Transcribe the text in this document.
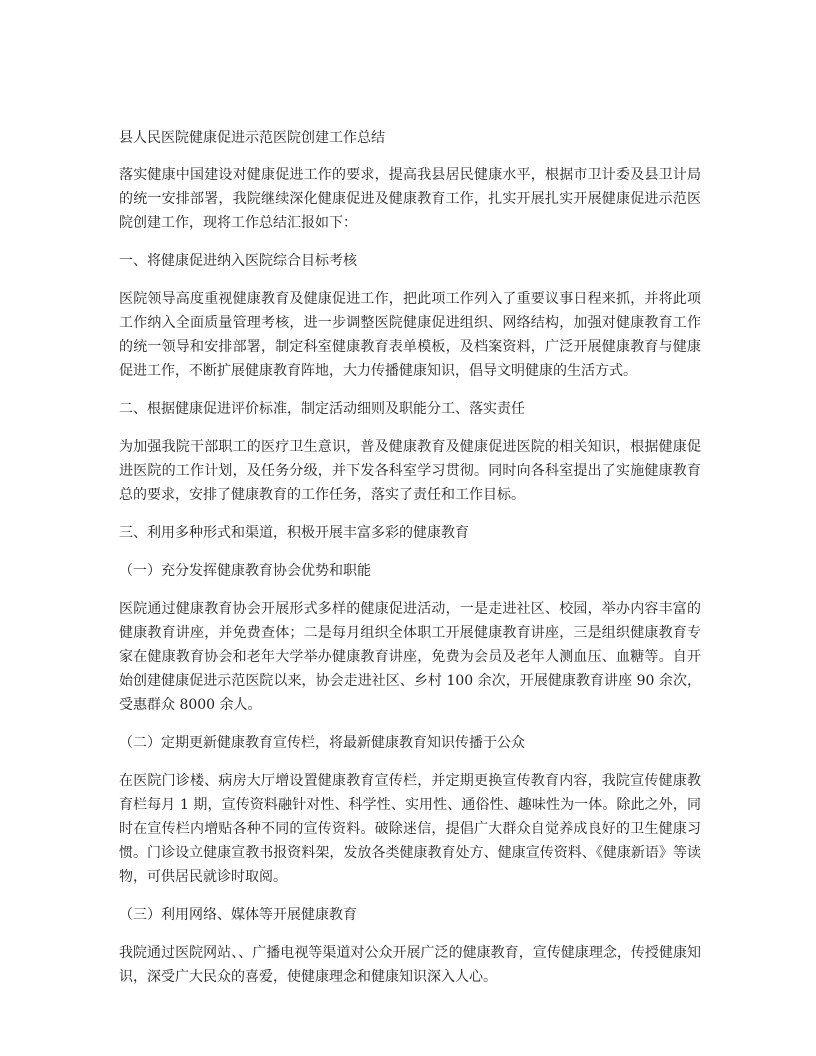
县人民医院健康促进示范医院创建工作总结

落实健康中国建设对健康促进工作的要求，提高我县居民健康水平，根据市卫计委及县卫计局的统一安排部署，我院继续深化健康促进及健康教育工作，扎实开展扎实开展健康促进示范医院创建工作，现将工作总结汇报如下：

一、将健康促进纳入医院综合目标考核

医院领导高度重视健康教育及健康促进工作，把此项工作列入了重要议事日程来抓，并将此项工作纳入全面质量管理考核，进一步调整医院健康促进组织、网络结构，加强对健康教育工作的统一领导和安排部署，制定科室健康教育表单模板，及档案资料，广泛开展健康教育与健康促进工作，不断扩展健康教育阵地，大力传播健康知识，倡导文明健康的生活方式。

二、根据健康促进评价标准，制定活动细则及职能分工、落实责任

为加强我院干部职工的医疗卫生意识，普及健康教育及健康促进医院的相关知识，根据健康促进医院的工作计划，及任务分级，并下发各科室学习贯彻。同时向各科室提出了实施健康教育总的要求，安排了健康教育的工作任务，落实了责任和工作目标。

三、利用多种形式和渠道，积极开展丰富多彩的健康教育

（一）充分发挥健康教育协会优势和职能

医院通过健康教育协会开展形式多样的健康促进活动，一是走进社区、校园，举办内容丰富的健康教育讲座，并免费查体；二是每月组织全体职工开展健康教育讲座，三是组织健康教育专家在健康教育协会和老年大学举办健康教育讲座，免费为会员及老年人测血压、血糖等。自开始创建健康促进示范医院以来，协会走进社区、乡村 100 余次，开展健康教育讲座 90 余次，受惠群众 8000 余人。

（二）定期更新健康教育宣传栏，将最新健康教育知识传播于公众

在医院门诊楼、病房大厅增设置健康教育宣传栏，并定期更换宣传教育内容，我院宣传健康教育栏每月 1 期，宣传资料融针对性、科学性、实用性、通俗性、趣味性为一体。除此之外，同时在宣传栏内增贴各种不同的宣传资料。破除迷信，提倡广大群众自觉养成良好的卫生健康习惯。门诊设立健康宣教书报资料架，发放各类健康教育处方、健康宣传资料、《健康新语》等读物，可供居民就诊时取阅。

（三）利用网络、媒体等开展健康教育

我院通过医院网站、、广播电视等渠道对公众开展广泛的健康教育，宣传健康理念，传授健康知识，深受广大民众的喜爱，使健康理念和健康知识深入人心。
